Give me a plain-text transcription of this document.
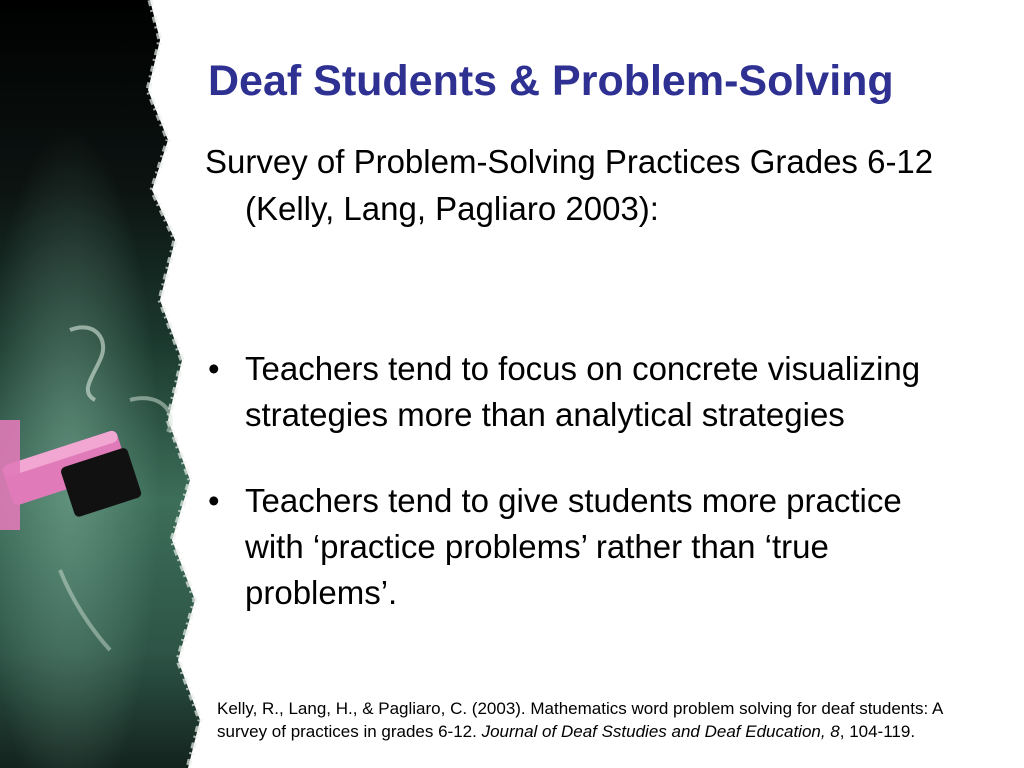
Deaf Students & Problem-Solving
Survey of Problem-Solving Practices Grades 6-12 (Kelly, Lang, Pagliaro 2003):
• Teachers tend to focus on concrete visualizing strategies more than analytical strategies
• Teachers tend to give students more practice with ‘practice problems’ rather than ‘true problems’.
Kelly, R., Lang, H., & Pagliaro, C. (2003). Mathematics word problem solving for deaf students: A survey of practices in grades 6-12. Journal of Deaf Sstudies and Deaf Education, 8, 104-119.
